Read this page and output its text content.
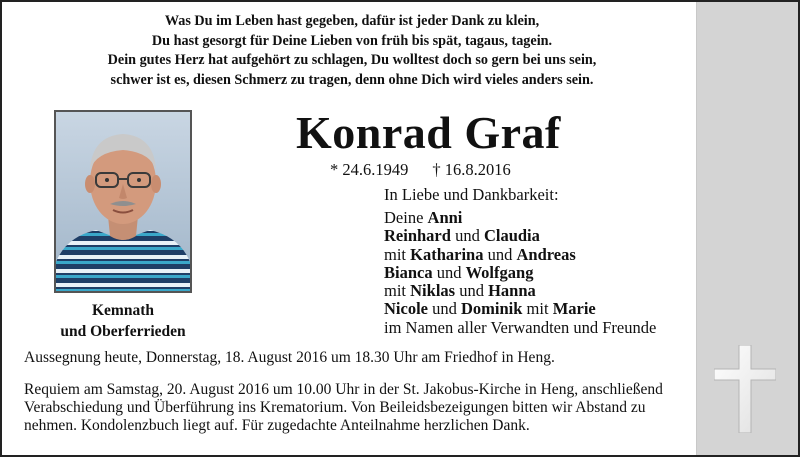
Was Du im Leben hast gegeben, dafür ist jeder Dank zu klein,
Du hast gesorgt für Deine Lieben von früh bis spät, tagaus, tagein.
Dein gutes Herz hat aufgehört zu schlagen, Du wolltest doch so gern bei uns sein,
schwer ist es, diesen Schmerz zu tragen, denn ohne Dich wird vieles anders sein.
Kemnath
und Oberferrieden
Konrad Graf
* 24.6.1949 † 16.8.2016
In Liebe und Dankbarkeit:
Deine Anni
Reinhard und Claudia
mit Katharina und Andreas
Bianca und Wolfgang
mit Niklas und Hanna
Nicole und Dominik mit Marie
im Namen aller Verwandten und Freunde
Aussegnung heute, Donnerstag, 18. August 2016 um 18.30 Uhr am Friedhof in Heng.
Requiem am Samstag, 20. August 2016 um 10.00 Uhr in der St. Jakobus-Kirche in Heng, anschließend
Verabschiedung und Überführung ins Krematorium. Von Beileidsbezeigungen bitten wir Abstand zu
nehmen. Kondolenzbuch liegt auf. Für zugedachte Anteilnahme herzlichen Dank.
